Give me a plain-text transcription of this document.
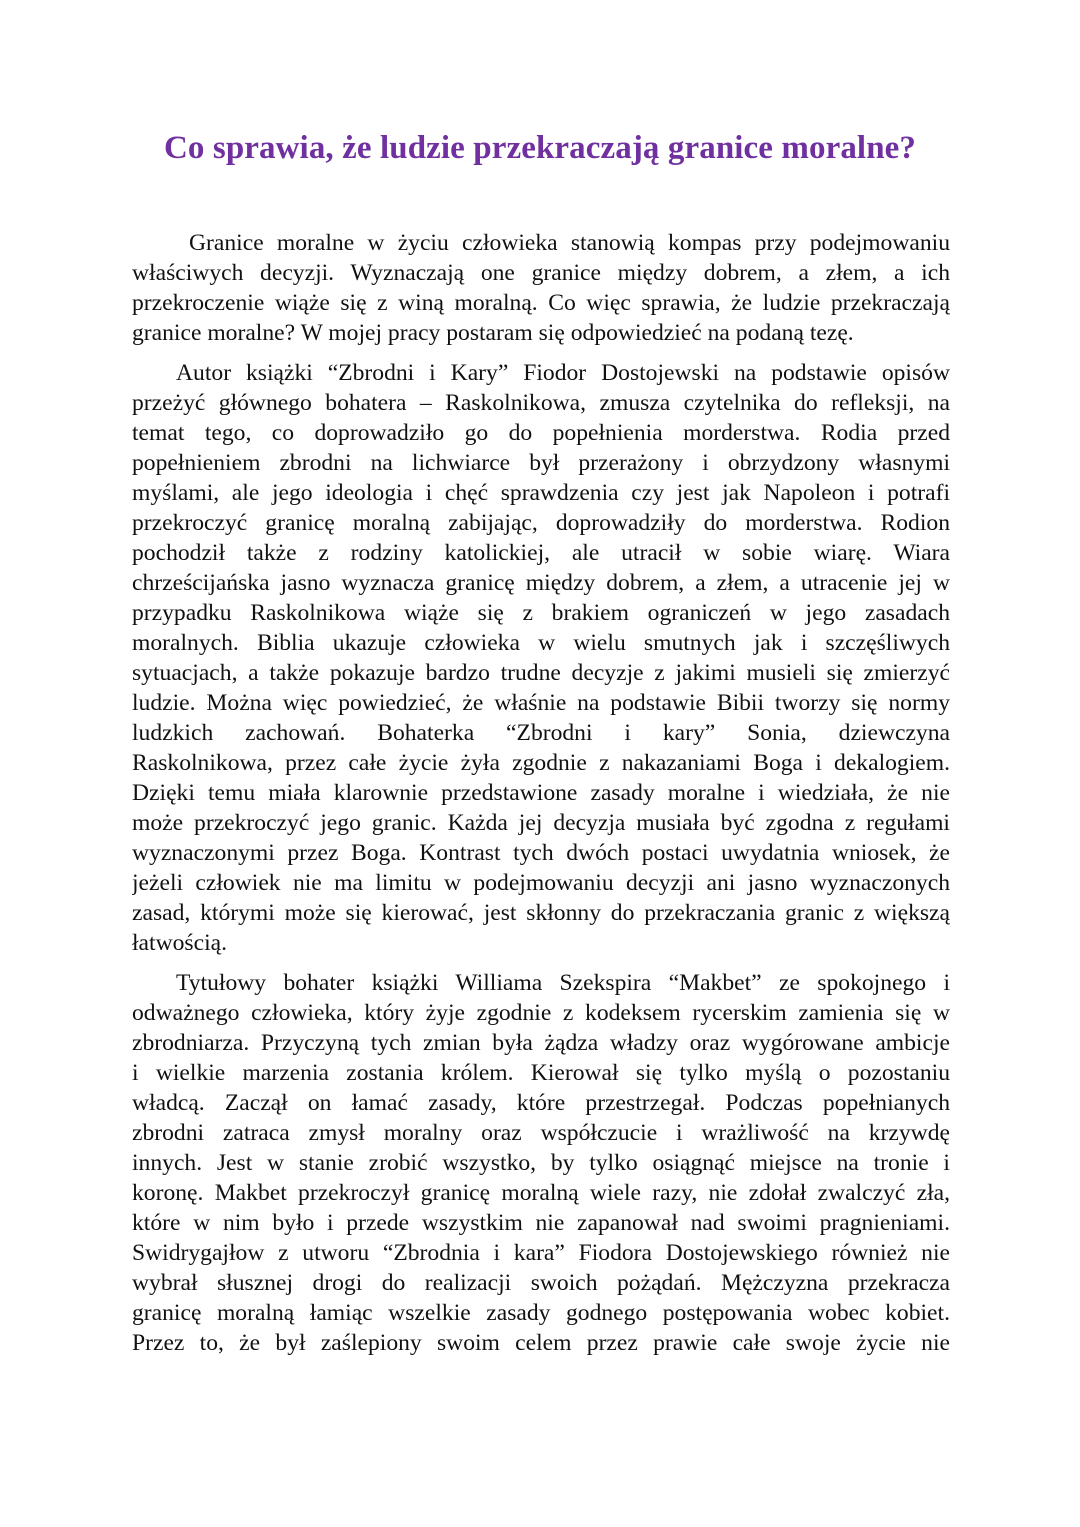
Co sprawia, że ludzie przekraczają granice moralne?
Granice moralne w życiu człowieka stanowią kompas przy podejmowaniu
właściwych decyzji. Wyznaczają one granice między dobrem, a złem, a ich
przekroczenie wiąże się z winą moralną. Co więc sprawia, że ludzie przekraczają
granice moralne? W mojej pracy postaram się odpowiedzieć na podaną tezę.
Autor książki “Zbrodni i Kary” Fiodor Dostojewski na podstawie opisów
przeżyć głównego bohatera – Raskolnikowa, zmusza czytelnika do refleksji, na
temat tego, co doprowadziło go do popełnienia morderstwa. Rodia przed
popełnieniem zbrodni na lichwiarce był przerażony i obrzydzony własnymi
myślami, ale jego ideologia i chęć sprawdzenia czy jest jak Napoleon i potrafi
przekroczyć granicę moralną zabijając, doprowadziły do morderstwa. Rodion
pochodził także z rodziny katolickiej, ale utracił w sobie wiarę. Wiara
chrześcijańska jasno wyznacza granicę między dobrem, a złem, a utracenie jej w
przypadku Raskolnikowa wiąże się z brakiem ograniczeń w jego zasadach
moralnych. Biblia ukazuje człowieka w wielu smutnych jak i szczęśliwych
sytuacjach, a także pokazuje bardzo trudne decyzje z jakimi musieli się zmierzyć
ludzie. Można więc powiedzieć, że właśnie na podstawie Bibii tworzy się normy
ludzkich zachowań. Bohaterka “Zbrodni i kary” Sonia, dziewczyna
Raskolnikowa, przez całe życie żyła zgodnie z nakazaniami Boga i dekalogiem.
Dzięki temu miała klarownie przedstawione zasady moralne i wiedziała, że nie
może przekroczyć jego granic. Każda jej decyzja musiała być zgodna z regułami
wyznaczonymi przez Boga. Kontrast tych dwóch postaci uwydatnia wniosek, że
jeżeli człowiek nie ma limitu w podejmowaniu decyzji ani jasno wyznaczonych
zasad, którymi może się kierować, jest skłonny do przekraczania granic z większą
łatwością.
Tytułowy bohater książki Williama Szekspira “Makbet” ze spokojnego i
odważnego człowieka, który żyje zgodnie z kodeksem rycerskim zamienia się w
zbrodniarza. Przyczyną tych zmian była żądza władzy oraz wygórowane ambicje
i wielkie marzenia zostania królem. Kierował się tylko myślą o pozostaniu
władcą. Zaczął on łamać zasady, które przestrzegał. Podczas popełnianych
zbrodni zatraca zmysł moralny oraz współczucie i wrażliwość na krzywdę
innych. Jest w stanie zrobić wszystko, by tylko osiągnąć miejsce na tronie i
koronę. Makbet przekroczył granicę moralną wiele razy, nie zdołał zwalczyć zła,
które w nim było i przede wszystkim nie zapanował nad swoimi pragnieniami.
Swidrygajłow z utworu “Zbrodnia i kara” Fiodora Dostojewskiego również nie
wybrał słusznej drogi do realizacji swoich pożądań. Mężczyzna przekracza
granicę moralną łamiąc wszelkie zasady godnego postępowania wobec kobiet.
Przez to, że był zaślepiony swoim celem przez prawie całe swoje życie nie
